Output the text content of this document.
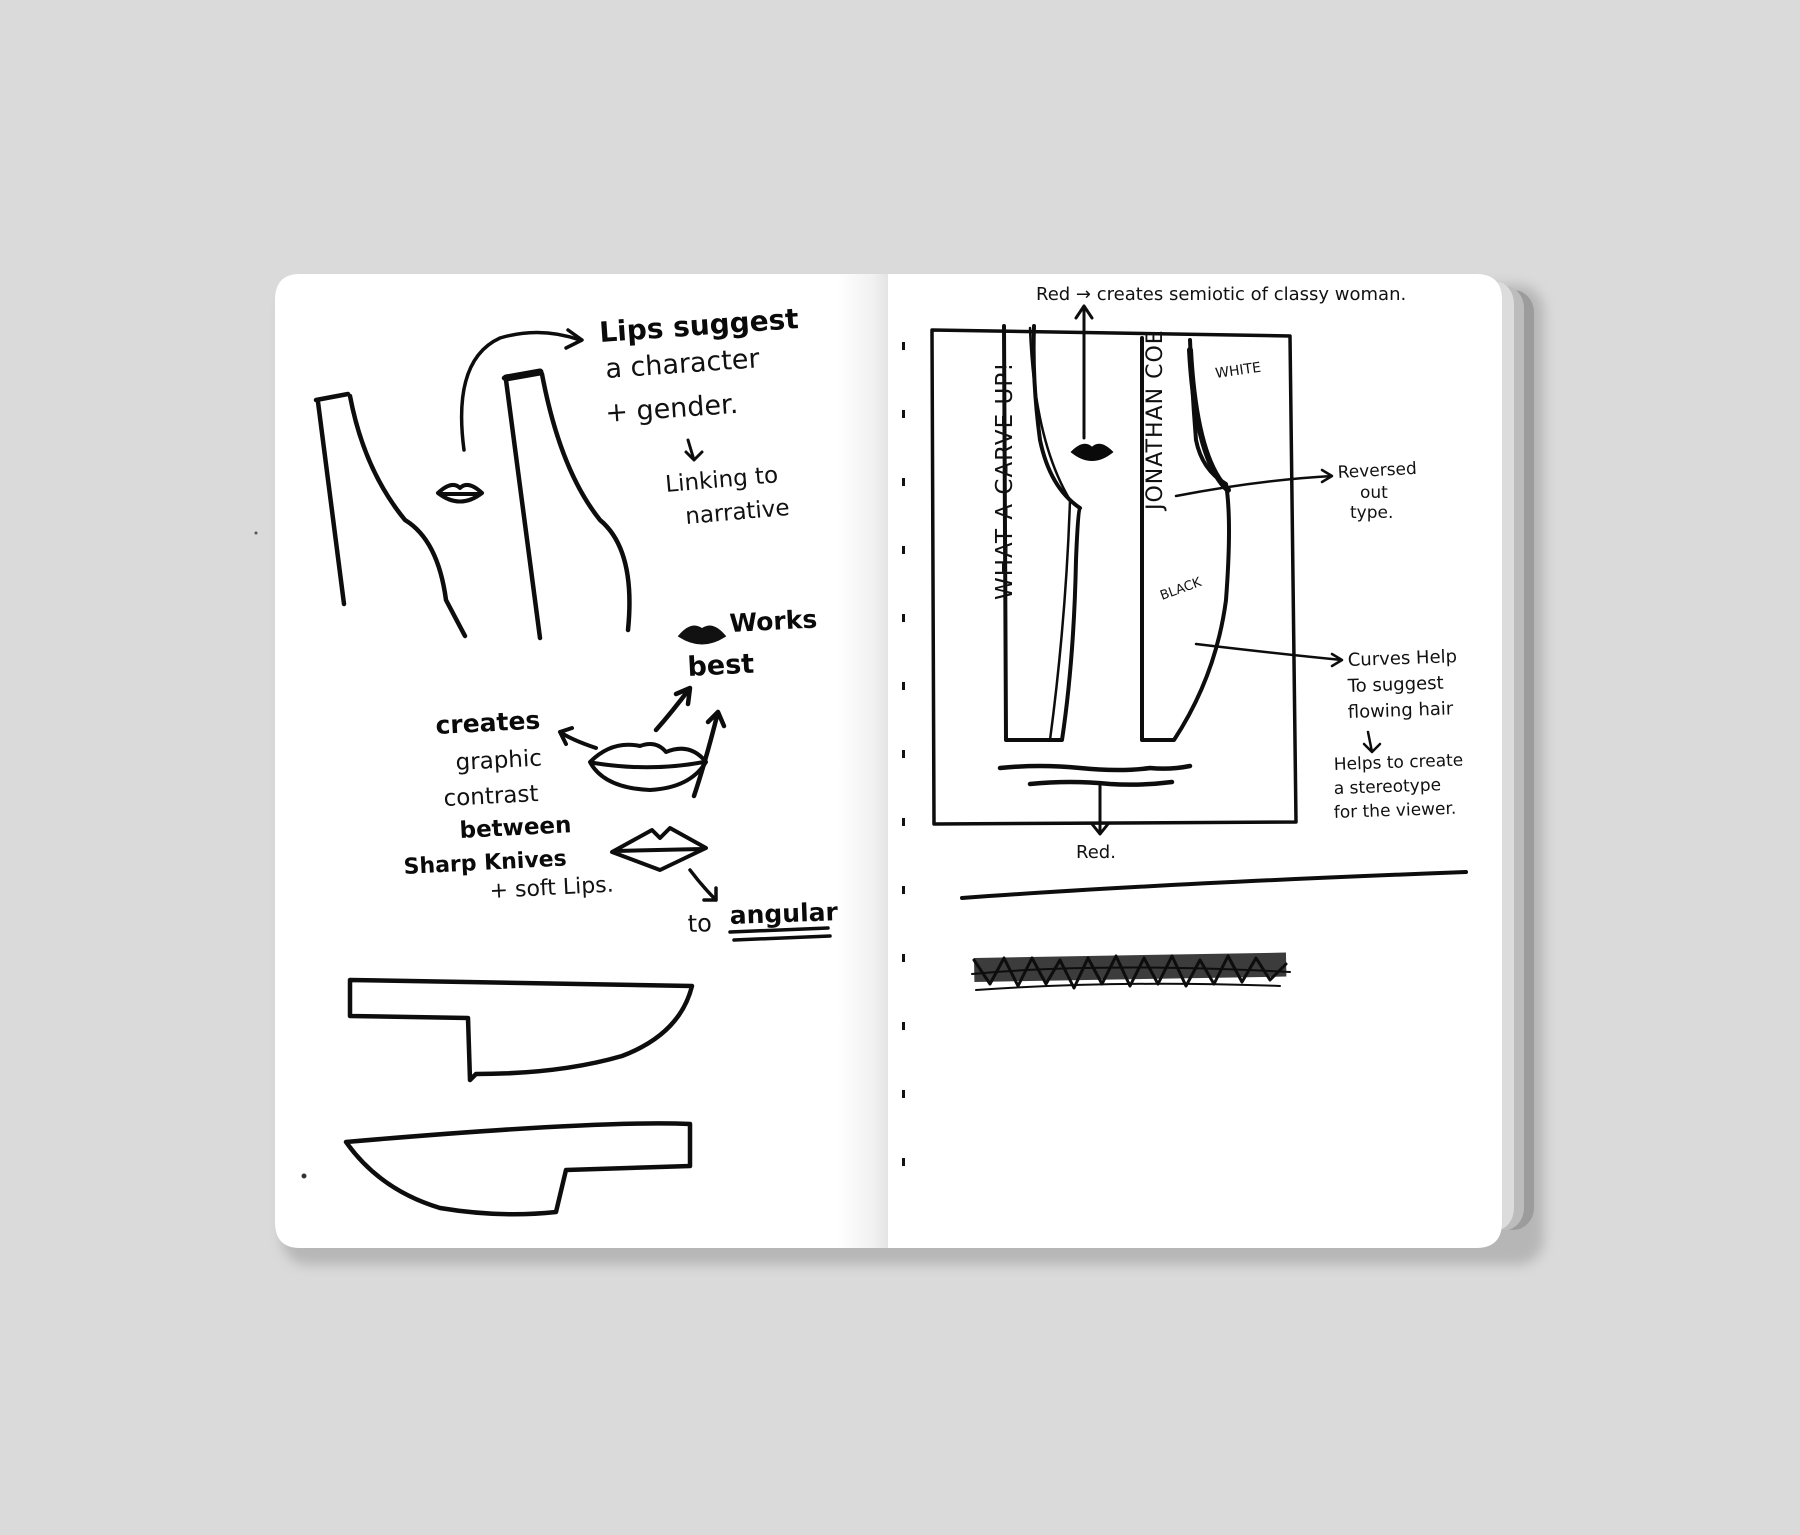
Lips suggest
a character
+ gender.
Linking to
narrative
Works
best
creates
graphic
contrast
between
Sharp Knives
+ soft Lips.
to angular
Red → creates semiotic of classy woman.
WHAT A CARVE UP!	JONATHAN COE	WHITE
BLACK
Red.
Reversed
out
type.
Curves Help
To suggest
flowing hair
Helps to create
a stereotype
for the viewer.
